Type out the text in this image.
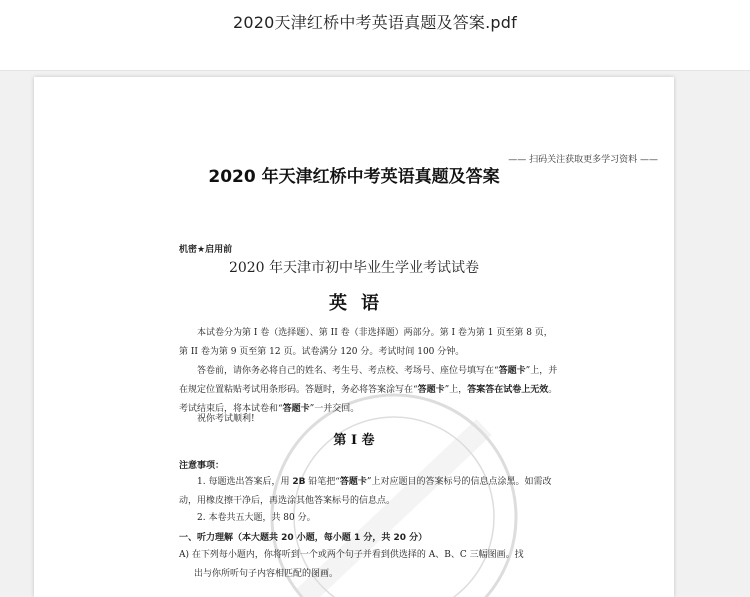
2020天津红桥中考英语真题及答案.pdf
—— 扫码关注获取更多学习资料 ——
2020 年天津红桥中考英语真题及答案
机密★启用前
2020 年天津市初中毕业生学业考试试卷
英语
本试卷分为第 I 卷（选择题）、第 II 卷（非选择题）两部分。第 I 卷为第 1 页至第 8 页，第 II 卷为第 9 页至第 12 页。试卷满分 120 分。考试时间 100 分钟。
答卷前，请你务必将自己的姓名、考生号、考点校、考场号、座位号填写在“答题卡”上，并在规定位置粘贴考试用条形码。答题时，务必将答案涂写在“答题卡”上，答案答在试卷上无效。考试结束后，将本试卷和“答题卡”一并交回。
祝你考试顺利!
第 I 卷
注意事项：
1. 每题选出答案后，用 2B 铅笔把“答题卡”上对应题目的答案标号的信息点涂黑。如需改动，用橡皮擦干净后，再选涂其他答案标号的信息点。
2. 本卷共五大题，共 80 分。
一、听力理解（本大题共 20 小题，每小题 1 分，共 20 分）
A) 在下列每小题内，你将听到一个或两个句子并看到供选择的 A、B、C 三幅图画。找
出与你所听句子内容相匹配的图画。
